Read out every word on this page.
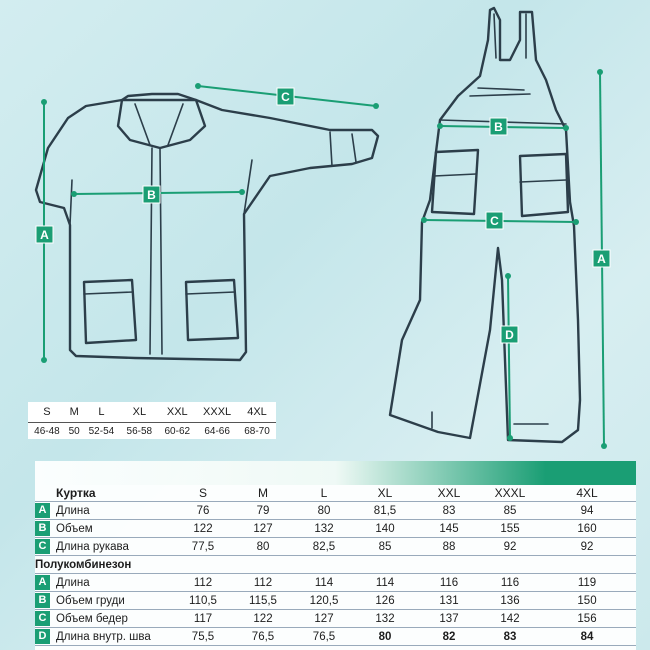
A
B
C
A
B
C
D
S	M	L	XL	XXL	XXXL	4XL
46-48	50	52-54	56-58	60-62	64-66	68-70
	Куртка	S	M	L	XL	XXL	XXXL	4XL

A	Длина	76	79	80	81,5	83	85	94

B	Объем	122	127	132	140	145	155	160

C	Длина рукава	77,5	80	82,5	85	88	92	92
Полукомбинезон								

A	Длина	112	112	114	114	116	116	119

B	Объем груди	110,5	115,5	120,5	126	131	136	150

C	Объем бедер	117	122	127	132	137	142	156

D	Длина внутр. шва	75,5	76,5	76,5	80	82	83	84
